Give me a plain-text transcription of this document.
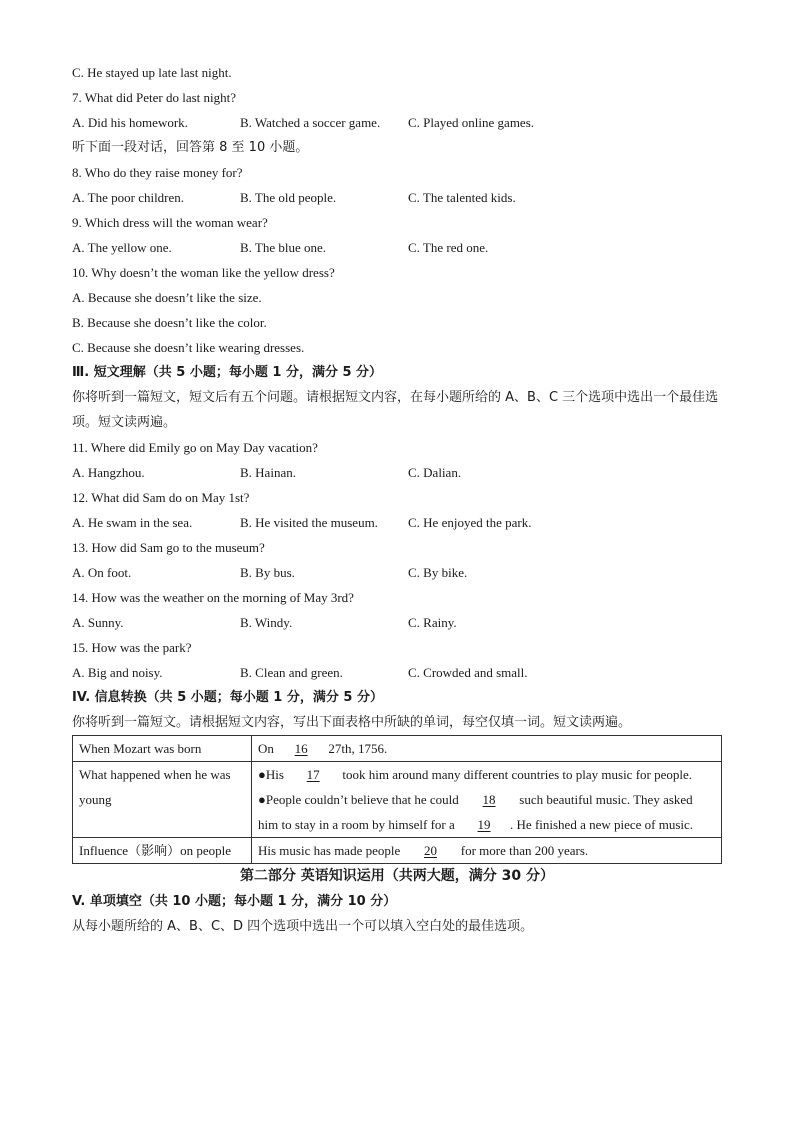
C. He stayed up late last night.
7. What did Peter do last night?
A. Did his homework.	B. Watched a soccer game. C. Played online games.
听下面一段对话，回答第 8 至 10 小题。
8. Who do they raise money for?
A. The poor children.	B. The old people.	C. The talented kids.
9. Which dress will the woman wear?
A. The yellow one.	B. The blue one.	C. The red one.
10. Why doesn’t the woman like the yellow dress?
A. Because she doesn’t like the size.
B. Because she doesn’t like the color.
C. Because she doesn’t like wearing dresses.
Ⅲ. 短文理解（共 5 小题；每小题 1 分，满分 5 分）
你将听到一篇短文，短文后有五个问题。请根据短文内容，在每小题所给的 A、B、C 三个选项中选出一个最佳选项。短文读两遍。
11. Where did Emily go on May Day vacation?
A. Hangzhou.	B. Hainan.	C. Dalian.
12. What did Sam do on May 1st?
A. He swam in the sea.	B. He visited the museum. C. He enjoyed the park.
13. How did Sam go to the museum?
A. On foot.	B. By bus.	C. By bike.
14. How was the weather on the morning of May 3rd?
A. Sunny.	B. Windy.	C. Rainy.
15. How was the park?
A. Big and noisy.	B. Clean and green.	C. Crowded and small.
IV. 信息转换（共 5 小题；每小题 1 分，满分 5 分）
你将听到一篇短文。请根据短文内容，写出下面表格中所缺的单词，每空仅填一词。短文读两遍。
When Mozart was born	On 16 27th, 1756.
What happened when he was young	●His 17 took him around many different countries to play music for people.
●People couldn’t believe that he could 18 such beautiful music. They asked him to stay in a room by himself for a 19 . He finished a new piece of music.

Influence（影响）on people	His music has made people 20 for more than 200 years.
第二部分 英语知识运用（共两大题，满分 30 分）
V. 单项填空（共 10 小题；每小题 1 分，满分 10 分）
从每小题所给的 A、B、C、D 四个选项中选出一个可以填入空白处的最佳选项。
